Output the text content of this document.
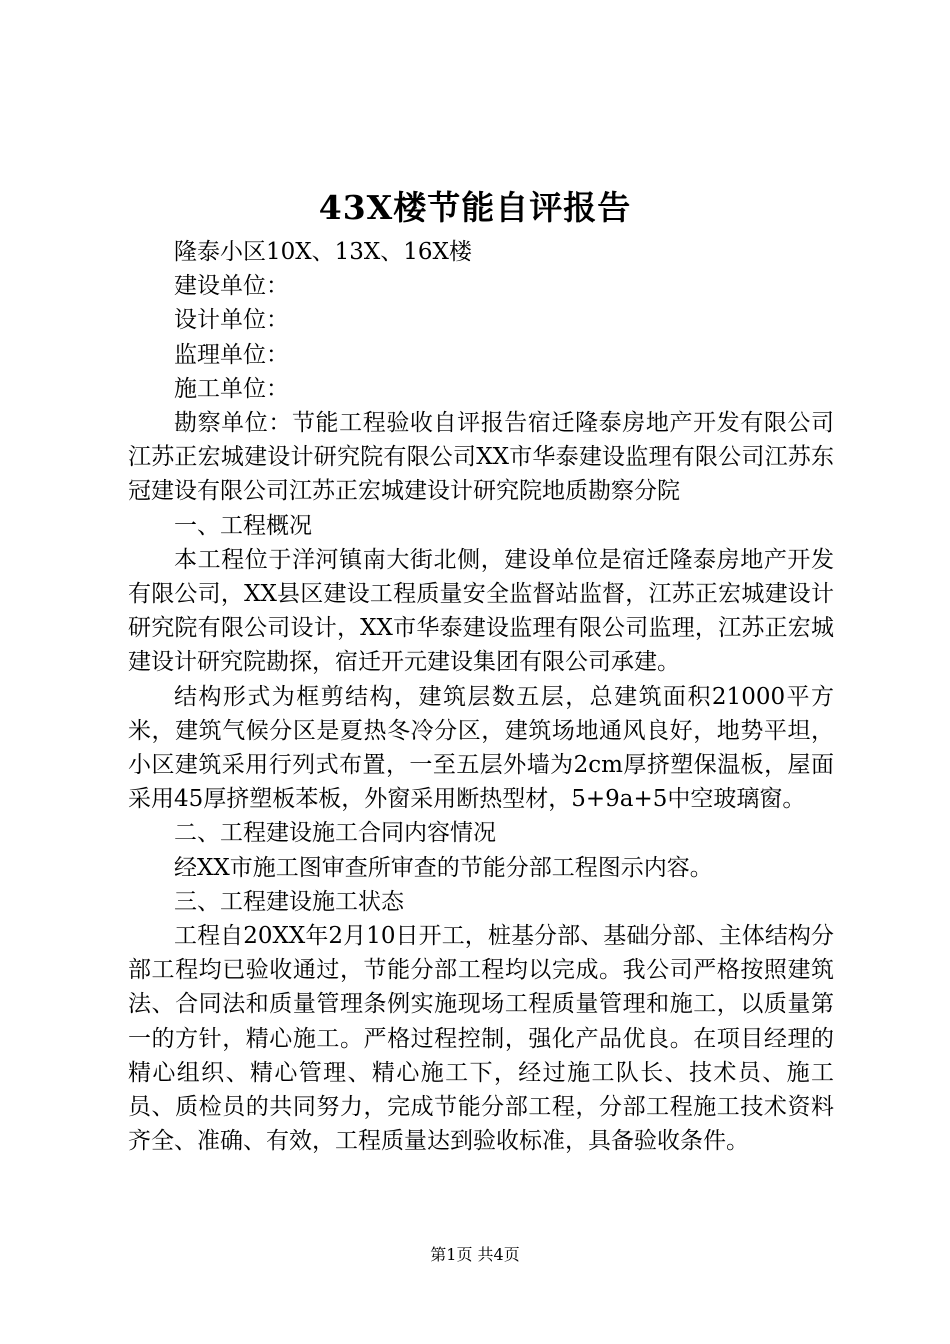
43X楼节能自评报告

隆泰小区10X、13X、16X楼

建设单位：

设计单位：

监理单位：

施工单位：

勘察单位：节能工程验收自评报告宿迁隆泰房地产开发有限公司江苏正宏城建设计研究院有限公司XX市华泰建设监理有限公司江苏东冠建设有限公司江苏正宏城建设计研究院地质勘察分院

一、工程概况

本工程位于洋河镇南大街北侧，建设单位是宿迁隆泰房地产开发有限公司，XX县区建设工程质量安全监督站监督，江苏正宏城建设计研究院有限公司设计，XX市华泰建设监理有限公司监理，江苏正宏城建设计研究院勘探，宿迁开元建设集团有限公司承建。

结构形式为框剪结构，建筑层数五层，总建筑面积21000平方米，建筑气候分区是夏热冬冷分区，建筑场地通风良好，地势平坦，小区建筑采用行列式布置，一至五层外墙为2cm厚挤塑保温板，屋面采用45厚挤塑板苯板，外窗采用断热型材，5+9a+5中空玻璃窗。

二、工程建设施工合同内容情况

经XX市施工图审查所审查的节能分部工程图示内容。

三、工程建设施工状态

工程自20XX年2月10日开工，桩基分部、基础分部、主体结构分部工程均已验收通过，节能分部工程均以完成。我公司严格按照建筑法、合同法和质量管理条例实施现场工程质量管理和施工，以质量第一的方针，精心施工。严格过程控制，强化产品优良。在项目经理的精心组织、精心管理、精心施工下，经过施工队长、技术员、施工员、质检员的共同努力，完成节能分部工程，分部工程施工技术资料齐全、准确、有效，工程质量达到验收标准，具备验收条件。

第1页 共4页
